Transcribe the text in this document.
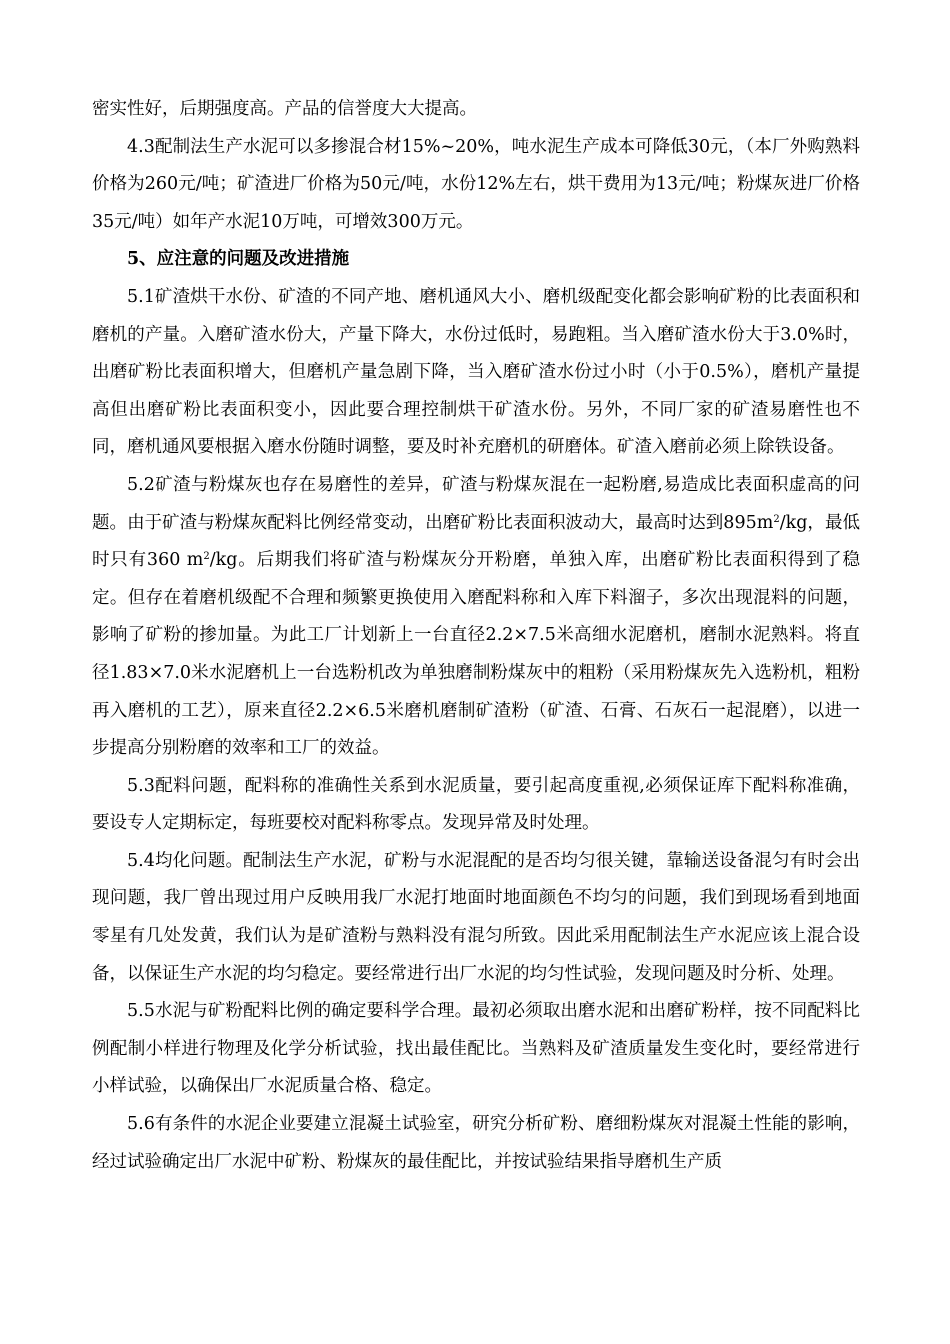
密实性好，后期强度高。产品的信誉度大大提高。

4.3配制法生产水泥可以多掺混合材15%~20%，吨水泥生产成本可降低30元，（本厂外购熟料价格为260元/吨；矿渣进厂价格为50元/吨，水份12%左右，烘干费用为13元/吨；粉煤灰进厂价格35元/吨）如年产水泥10万吨，可增效300万元。

5、应注意的问题及改进措施

5.1矿渣烘干水份、矿渣的不同产地、磨机通风大小、磨机级配变化都会影响矿粉的比表面积和磨机的产量。入磨矿渣水份大，产量下降大，水份过低时，易跑粗。当入磨矿渣水份大于3.0%时，出磨矿粉比表面积增大，但磨机产量急剧下降，当入磨矿渣水份过小时（小于0.5%），磨机产量提高但出磨矿粉比表面积变小，因此要合理控制烘干矿渣水份。另外，不同厂家的矿渣易磨性也不同，磨机通风要根据入磨水份随时调整，要及时补充磨机的研磨体。矿渣入磨前必须上除铁设备。

5.2矿渣与粉煤灰也存在易磨性的差异，矿渣与粉煤灰混在一起粉磨,易造成比表面积虚高的问题。由于矿渣与粉煤灰配料比例经常变动，出磨矿粉比表面积波动大，最高时达到$895m^2/kg$，最低时只有360 $m^2/kg$。后期我们将矿渣与粉煤灰分开粉磨，单独入库，出磨矿粉比表面积得到了稳定。但存在着磨机级配不合理和频繁更换使用入磨配料称和入库下料溜子，多次出现混料的问题，影响了矿粉的掺加量。为此工厂计划新上一台直径2.2×7.5米高细水泥磨机，磨制水泥熟料。将直径1.83×7.0米水泥磨机上一台选粉机改为单独磨制粉煤灰中的粗粉（采用粉煤灰先入选粉机，粗粉再入磨机的工艺），原来直径2.2×6.5米磨机磨制矿渣粉（矿渣、石膏、石灰石一起混磨），以进一步提高分别粉磨的效率和工厂的效益。

5.3配料问题，配料称的准确性关系到水泥质量，要引起高度重视,必须保证库下配料称准确，要设专人定期标定，每班要校对配料称零点。发现异常及时处理。

5.4均化问题。配制法生产水泥，矿粉与水泥混配的是否均匀很关键，靠输送设备混匀有时会出现问题，我厂曾出现过用户反映用我厂水泥打地面时地面颜色不均匀的问题，我们到现场看到地面零星有几处发黄，我们认为是矿渣粉与熟料没有混匀所致。因此采用配制法生产水泥应该上混合设备，以保证生产水泥的均匀稳定。要经常进行出厂水泥的均匀性试验，发现问题及时分析、处理。

5.5水泥与矿粉配料比例的确定要科学合理。最初必须取出磨水泥和出磨矿粉样，按不同配料比例配制小样进行物理及化学分析试验，找出最佳配比。当熟料及矿渣质量发生变化时，要经常进行小样试验，以确保出厂水泥质量合格、稳定。

5.6有条件的水泥企业要建立混凝土试验室，研究分析矿粉、磨细粉煤灰对混凝土性能的影响，经过试验确定出厂水泥中矿粉、粉煤灰的最佳配比，并按试验结果指导磨机生产质
